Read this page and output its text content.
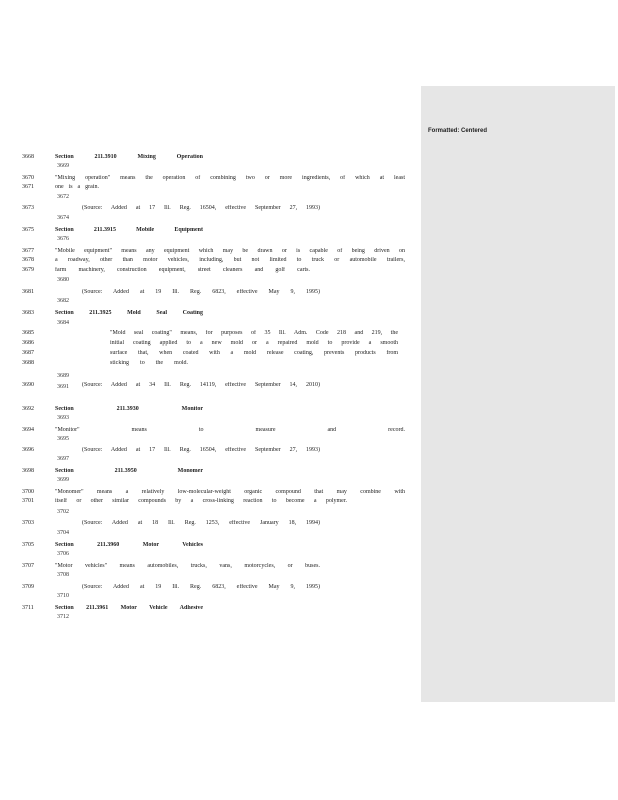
3668	Section 211.3910 Mixing Operation
3669
3670	"Mixing operation" means the operation of combining two or more ingredients, of which at least
3671	one is a grain.
3672
3673	(Source: Added at 17 Ill. Reg. 16504, effective September 27, 1993)
3674
3675	Section 211.3915 Mobile Equipment
3676
3677	"Mobile equipment" means any equipment which may be drawn or is capable of being driven on
3678	a roadway, other than motor vehicles, including, but not limited to truck or automobile trailers,
3679	farm machinery, construction equipment, street cleaners and golf carts.
3680
3681	(Source: Added at 19 Ill. Reg. 6823, effective May 9, 1995)
3682
3683	Section 211.3925 Mold Seal Coating
3684
3685	"Mold seal coating" means, for purposes of 35 Ill. Adm. Code 218 and 219, the
3686	initial coating applied to a new mold or a repaired mold to provide a smooth
3687	surface that, when coated with a mold release coating, prevents products from
3688	sticking to the mold.
3689
3690	(Source: Added at 34 Ill. Reg. 14119, effective September 14, 2010)
3691
3692	Section 211.3930 Monitor
3693
3694	"Monitor" means to measure and record.
3695
3696	(Source: Added at 17 Ill. Reg. 16504, effective September 27, 1993)
3697
3698	Section 211.3950 Monomer
3699
3700	"Monomer" means a relatively low-molecular-weight organic compound that may combine with
3701	itself or other similar compounds by a cross-linking reaction to become a polymer.
3702
3703	(Source: Added at 18 Ill. Reg. 1253, effective January 18, 1994)
3704
3705	Section 211.3960 Motor Vehicles
3706
3707	"Motor vehicles" means automobiles, trucks, vans, motorcycles, or buses.
3708
3709	(Source: Added at 19 Ill. Reg. 6823, effective May 9, 1995)
3710
3711	Section 211.3961 Motor Vehicle Adhesive
3712
Formatted: Centered
